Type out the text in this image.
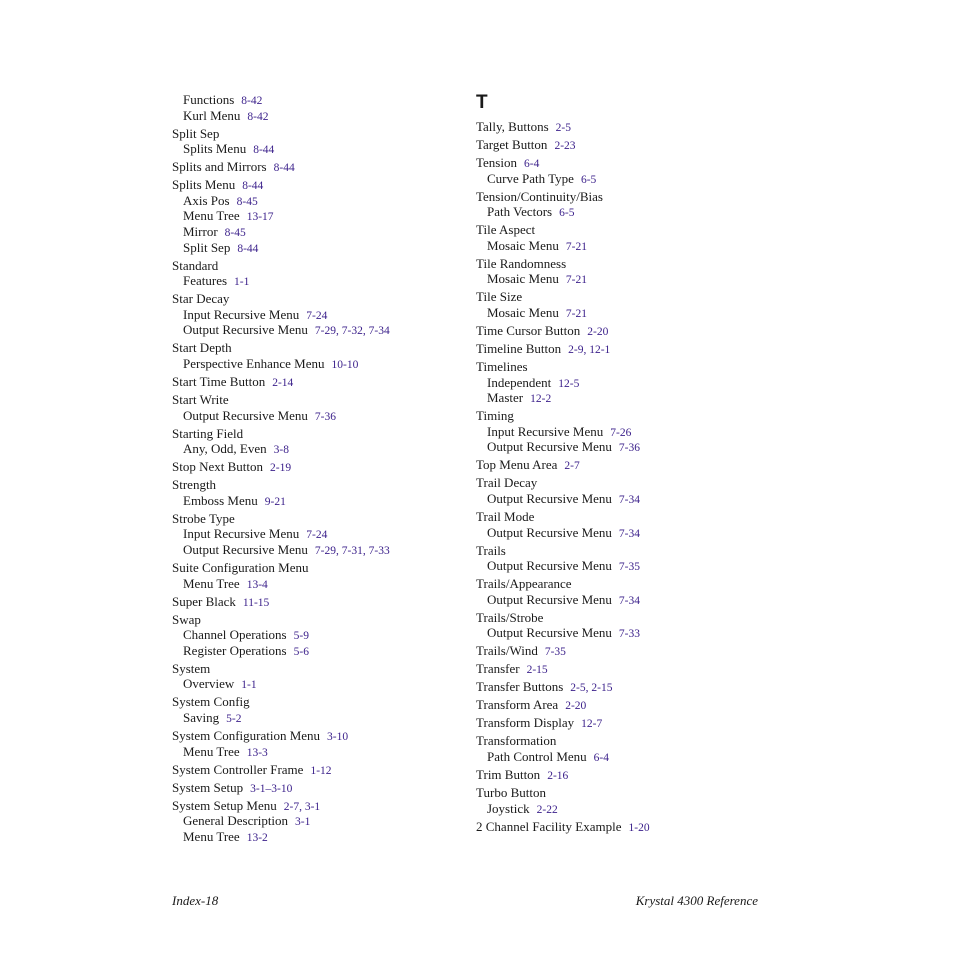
Functions 8-42
Kurl Menu 8-42
Split Sep
Splits Menu 8-44
Splits and Mirrors 8-44
Splits Menu 8-44
Axis Pos 8-45
Menu Tree 13-17
Mirror 8-45
Split Sep 8-44
Standard
Features 1-1
Star Decay
Input Recursive Menu 7-24
Output Recursive Menu 7-29, 7-32, 7-34
Start Depth
Perspective Enhance Menu 10-10
Start Time Button 2-14
Start Write
Output Recursive Menu 7-36
Starting Field
Any, Odd, Even 3-8
Stop Next Button 2-19
Strength
Emboss Menu 9-21
Strobe Type
Input Recursive Menu 7-24
Output Recursive Menu 7-29, 7-31, 7-33
Suite Configuration Menu
Menu Tree 13-4
Super Black 11-15
Swap
Channel Operations 5-9
Register Operations 5-6
System
Overview 1-1
System Config
Saving 5-2
System Configuration Menu 3-10
Menu Tree 13-3
System Controller Frame 1-12
System Setup 3-1–3-10
System Setup Menu 2-7, 3-1
General Description 3-1
Menu Tree 13-2
T
Tally, Buttons 2-5
Target Button 2-23
Tension 6-4
Curve Path Type 6-5
Tension/Continuity/Bias
Path Vectors 6-5
Tile Aspect
Mosaic Menu 7-21
Tile Randomness
Mosaic Menu 7-21
Tile Size
Mosaic Menu 7-21
Time Cursor Button 2-20
Timeline Button 2-9, 12-1
Timelines
Independent 12-5
Master 12-2
Timing
Input Recursive Menu 7-26
Output Recursive Menu 7-36
Top Menu Area 2-7
Trail Decay
Output Recursive Menu 7-34
Trail Mode
Output Recursive Menu 7-34
Trails
Output Recursive Menu 7-35
Trails/Appearance
Output Recursive Menu 7-34
Trails/Strobe
Output Recursive Menu 7-33
Trails/Wind 7-35
Transfer 2-15
Transfer Buttons 2-5, 2-15
Transform Area 2-20
Transform Display 12-7
Transformation
Path Control Menu 6-4
Trim Button 2-16
Turbo Button
Joystick 2-22
2 Channel Facility Example 1-20
Index-18	Krystal 4300 Reference
